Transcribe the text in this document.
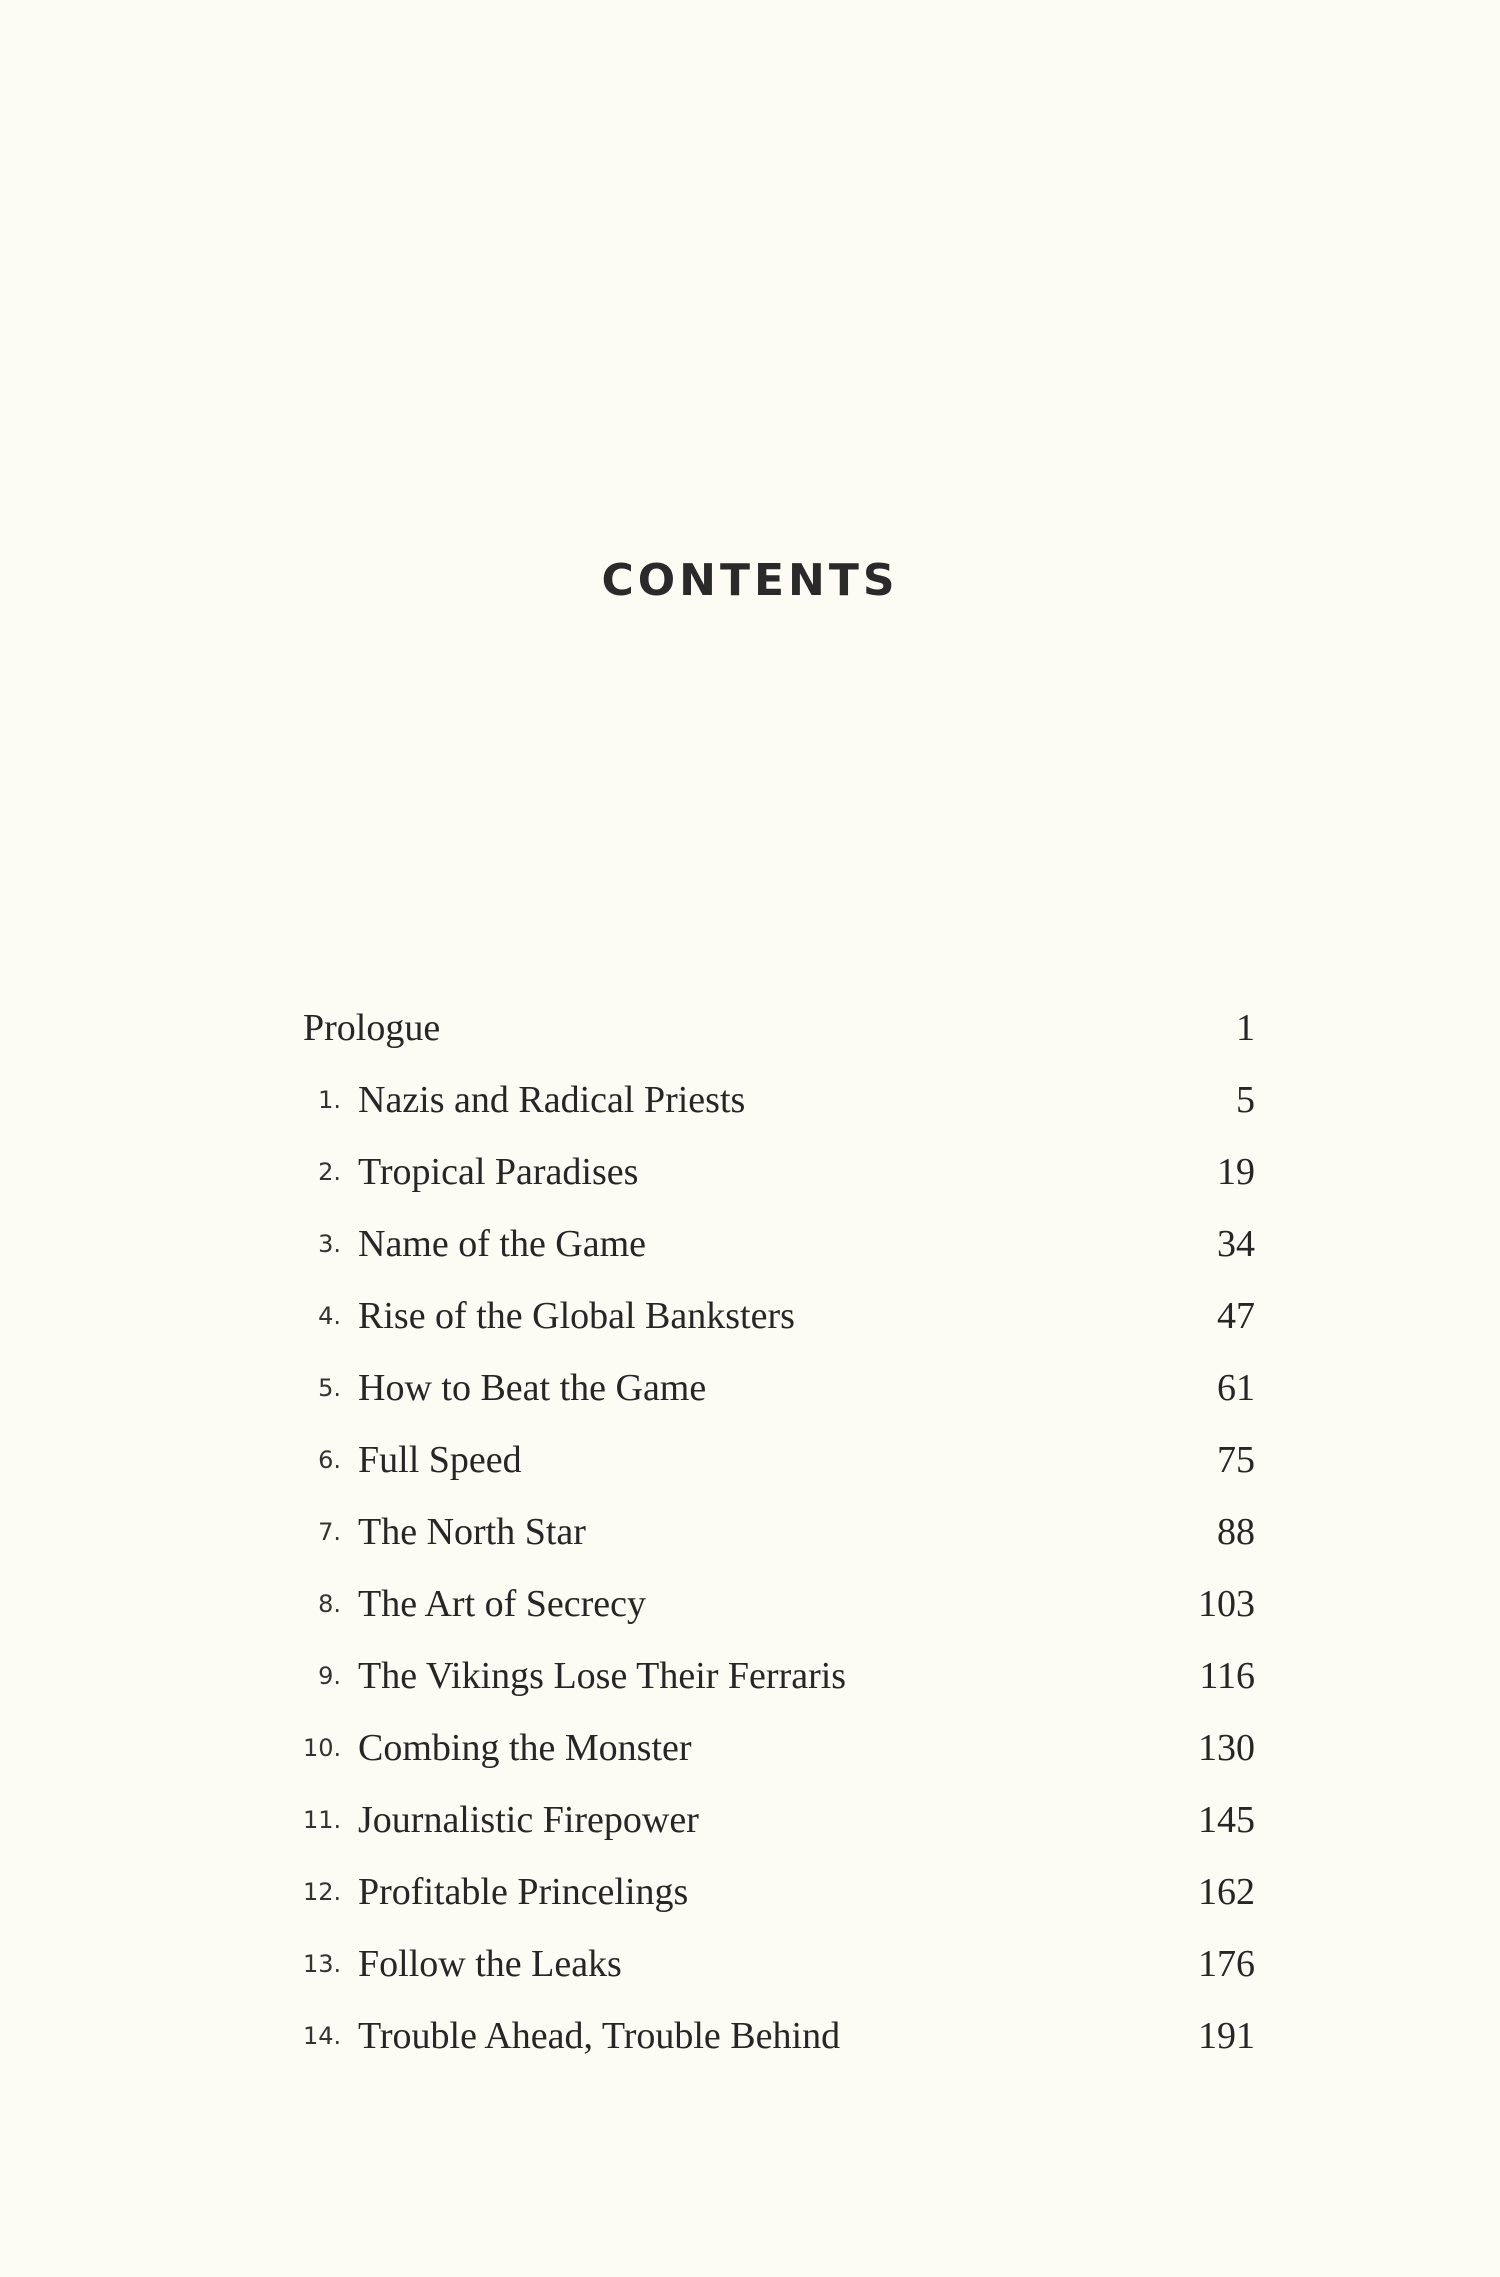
CONTENTS
Prologue	1
1. Nazis and Radical Priests	5
2. Tropical Paradises	19
3. Name of the Game	34
4. Rise of the Global Banksters	47
5. How to Beat the Game	61
6. Full Speed	75
7. The North Star	88
8. The Art of Secrecy	103
9. The Vikings Lose Their Ferraris	116
10. Combing the Monster	130
11. Journalistic Firepower	145
12. Profitable Princelings	162
13. Follow the Leaks	176
14. Trouble Ahead, Trouble Behind	191
